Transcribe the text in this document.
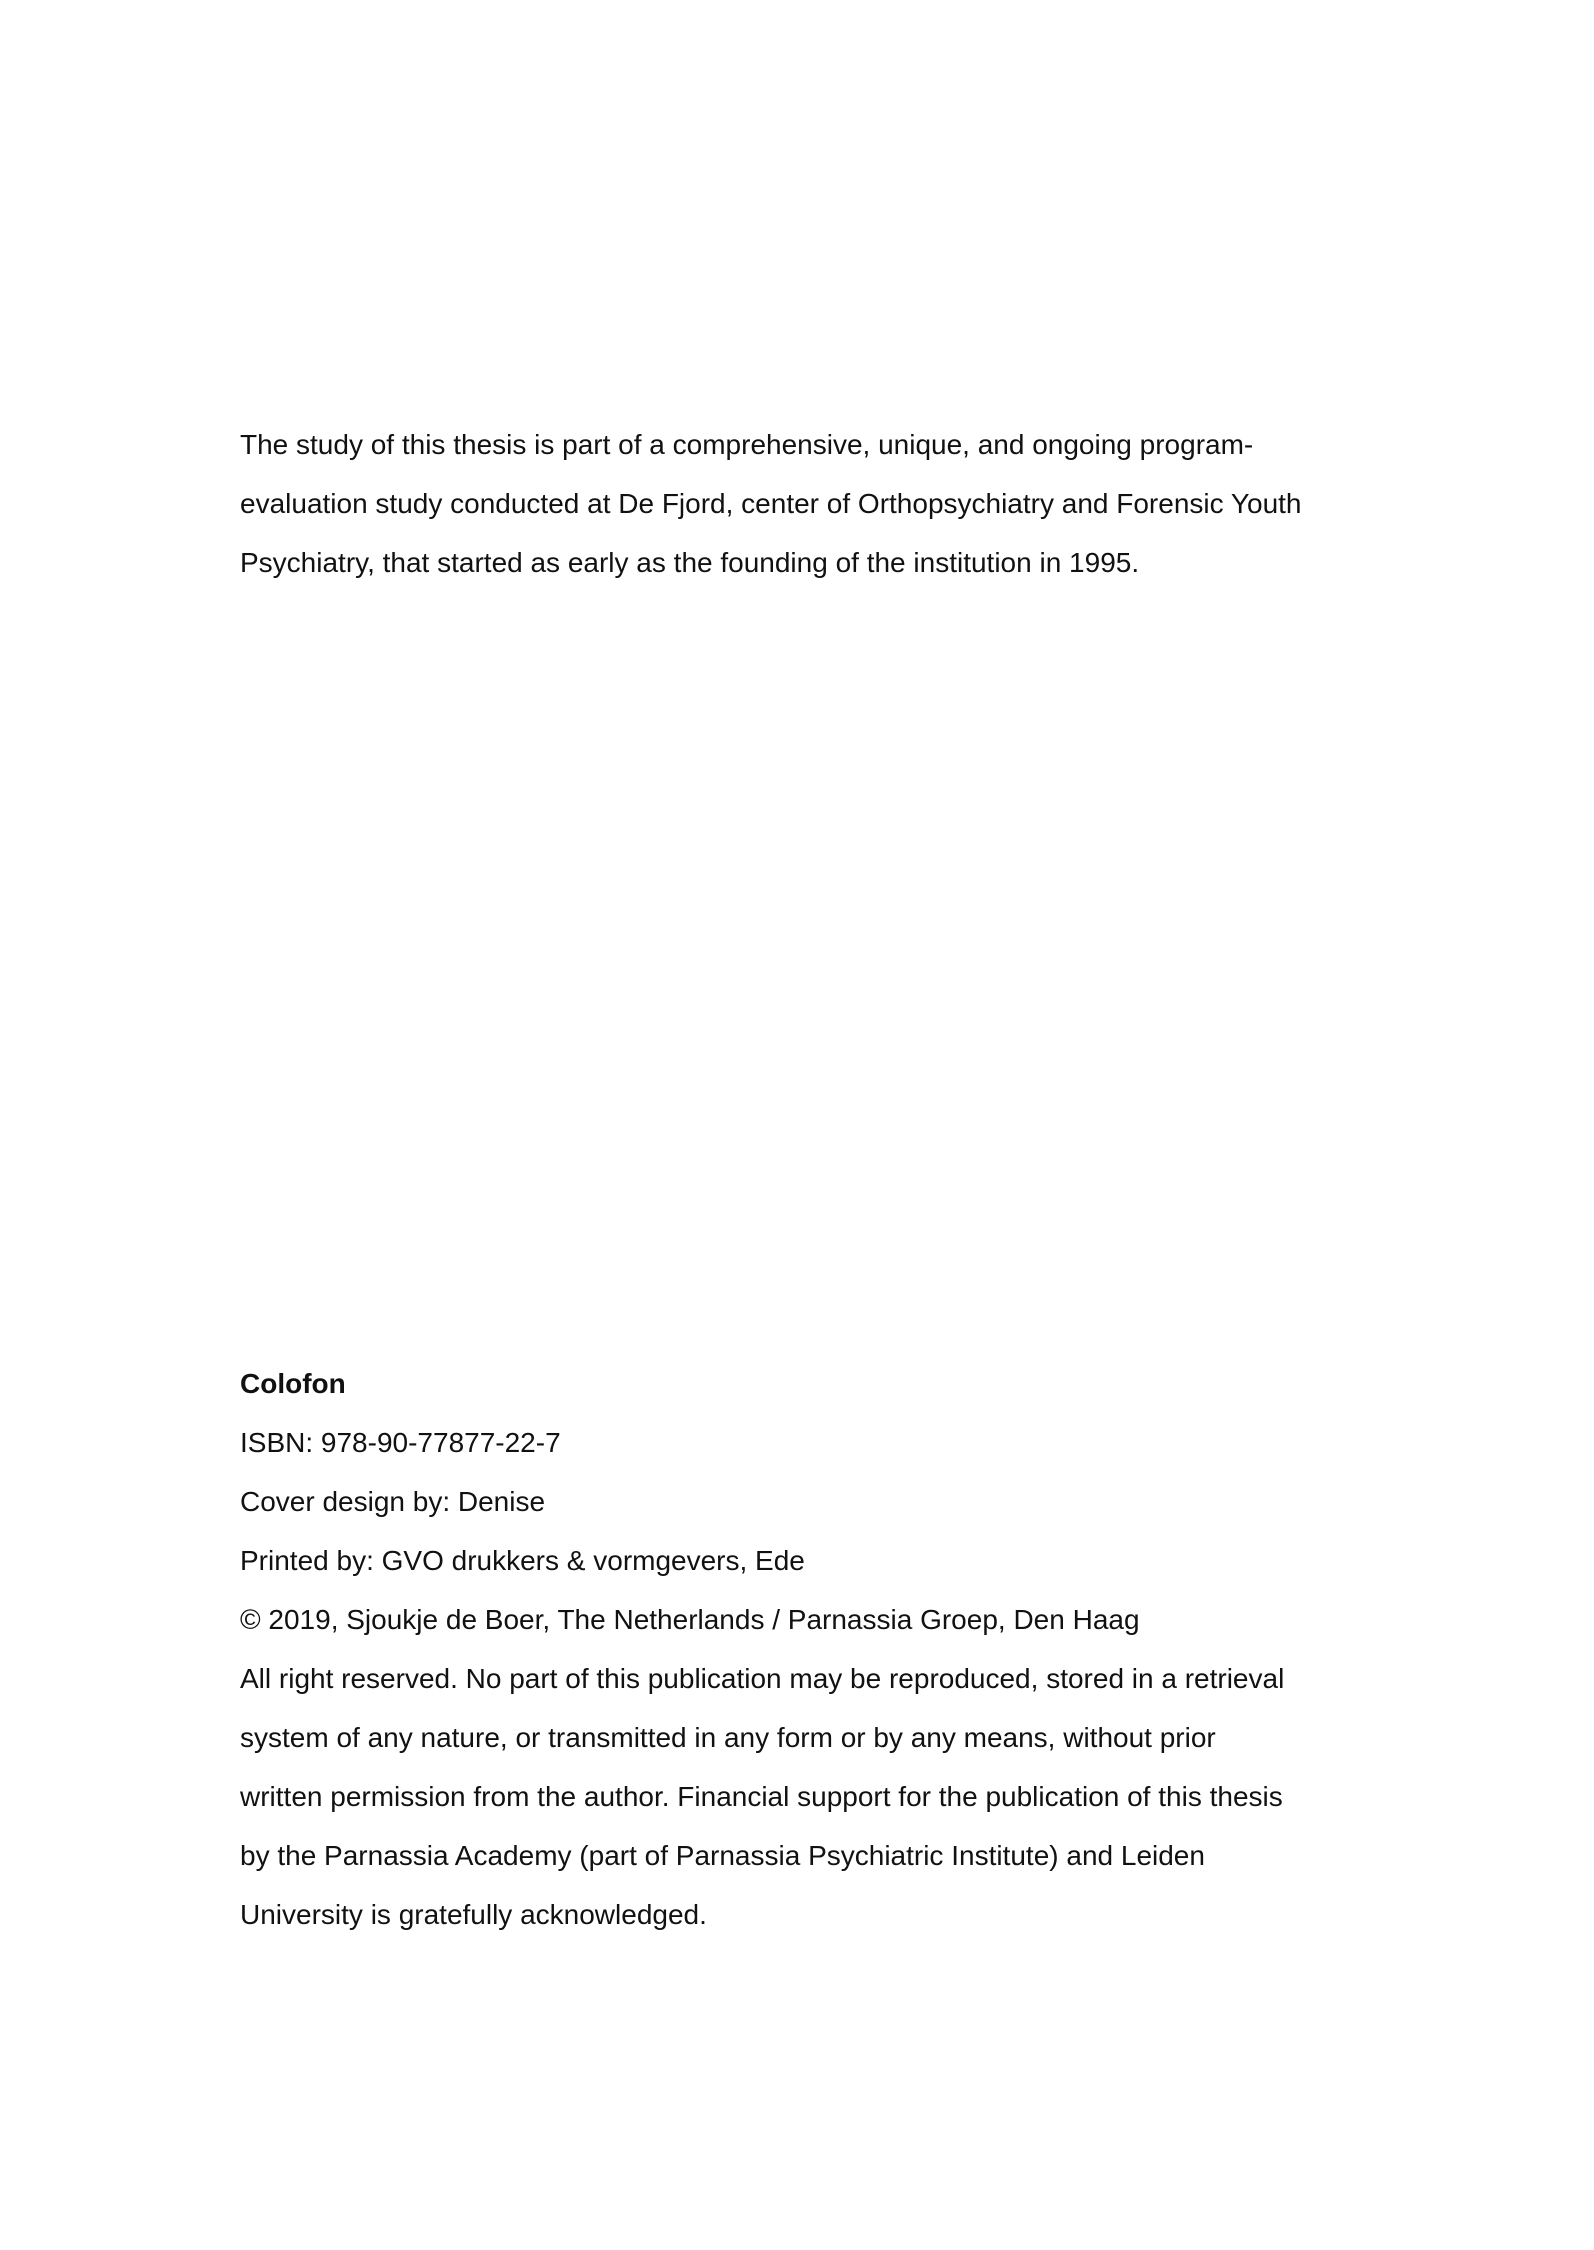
The study of this thesis is part of a comprehensive, unique, and ongoing program-
evaluation study conducted at De Fjord, center of Orthopsychiatry and Forensic Youth
Psychiatry, that started as early as the founding of the institution in 1995.
Colofon
ISBN: 978-90-77877-22-7
Cover design by: Denise
Printed by: GVO drukkers & vormgevers, Ede
© 2019, Sjoukje de Boer, The Netherlands / Parnassia Groep, Den Haag
All right reserved. No part of this publication may be reproduced, stored in a retrieval
system of any nature, or transmitted in any form or by any means, without prior
written permission from the author. Financial support for the publication of this thesis
by the Parnassia Academy (part of Parnassia Psychiatric Institute) and Leiden
University is gratefully acknowledged.
